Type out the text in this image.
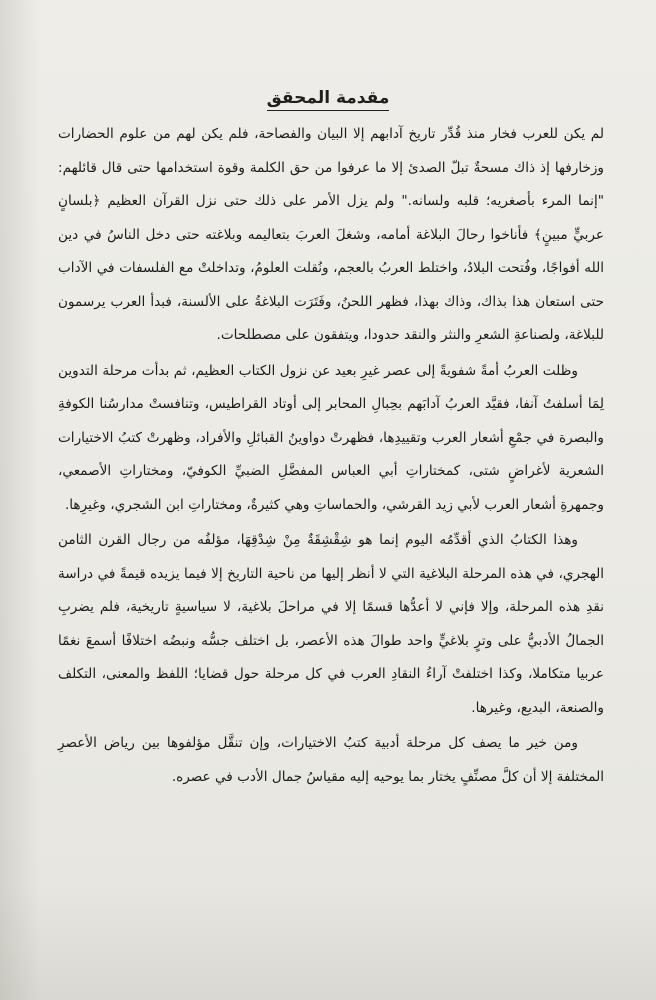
مقدمة المحقق

لم يكن للعرب فخار منذ قُدِّر تاريخ آدابهم إلا البيان والفصاحة، فلم يكن لهم من علوم الحضارات وزخارفها إذ ذاك مسحةٌ تبلّ الصدئ إلا ما عرفوا من حق الكلمة وقوة استخدامها حتى قال قائلهم: "إنما المرء بأصغريه؛ قلبه ولسانه." ولم يزل الأمر على ذلك حتى نزل القرآن العظيم ﴿بلسانٍ عربيٍّ مبينٍ﴾ فأناخوا رحالَ البلاغة أمامه، وشغلَ العربَ بتعاليمه وبلاغته حتى دخل الناسُ في دين الله أفواجًا، وفُتحت البلادُ، واختلط العربُ بالعجم، ونُقلت العلومُ، وتداخلتْ مع الفلسفات في الآداب حتى استعان هذا بذاك، وذاك بهذا، فظهر اللحنُ، وفَتَرَت البلاغةُ على الألسنة، فبدأ العرب يرسمون للبلاغة، ولصناعةِ الشعرِ والنثر والنقد حدودا، ويتفقون على مصطلحات.

وظلت العربُ أمةً شفويةً إلى عصر غيرِ بعيد عن نزول الكتاب العظيم، ثم بدأت مرحلة التدوين لِمَا أسلفتُ آنفا، فقيَّد العربُ آدابَهم بحِبالِ المحابر إلى أوتاد القراطيس، وتنافستْ مدارسُنا الكوفةِ والبصرة في جمْعِ أشعار العرب وتقييدِها، فظهرتْ دواوينُ القبائلِ والأفراد، وظهرتْ كتبُ الاختيارات الشعرية لأغراضٍ شتى، كمختاراتِ أبي العباس المفضَّلِ الضبيِّ الكوفيّ، ومختاراتِ الأصمعي، وجمهرةِ أشعار العرب لأبي زيد القرشي، والحماساتِ وهي كثيرةٌ، ومختاراتِ ابن الشجري، وغيرِها.

وهذا الكتابُ الذي أقدِّمُه اليوم إنما هو شِقْشِقَةٌ مِنْ شِدْقِهَا، مؤلفُه من رجال القرن الثامن الهجري، في هذه المرحلة البلاغية التي لا أنظر إليها من ناحية التاريخ إلا فيما يزيده قيمةً في دراسة نقدِ هذه المرحلة، وإلا فإني لا أعدُّها قسمًا إلا في مراحلَ بلاغية، لا سياسيةٍ تاريخية، فلم يضربِ الجمالُ الأدبيُّ على وترٍ بلاغيٍّ واحد طوالَ هذه الأعصر، بل اختلف جسُّه ونبضُه اختلافًا أسمعَ نغمًا عربيا متكاملا، وكذا اختلفتْ آراءُ النقادِ العرب في كل مرحلة حول قضايا؛ اللفظ والمعنى، التكلف والصنعة، البديع، وغيرها.

ومن خير ما يصف كل مرحلة أدبية كتبُ الاختيارات، وإن تنقَّل مؤلفوها بين رياض الأعصرِ المختلفة إلا أن كلَّ مصنِّفٍ يختار بما يوحيه إليه مقياسُ جمال الأدب في عصره.
